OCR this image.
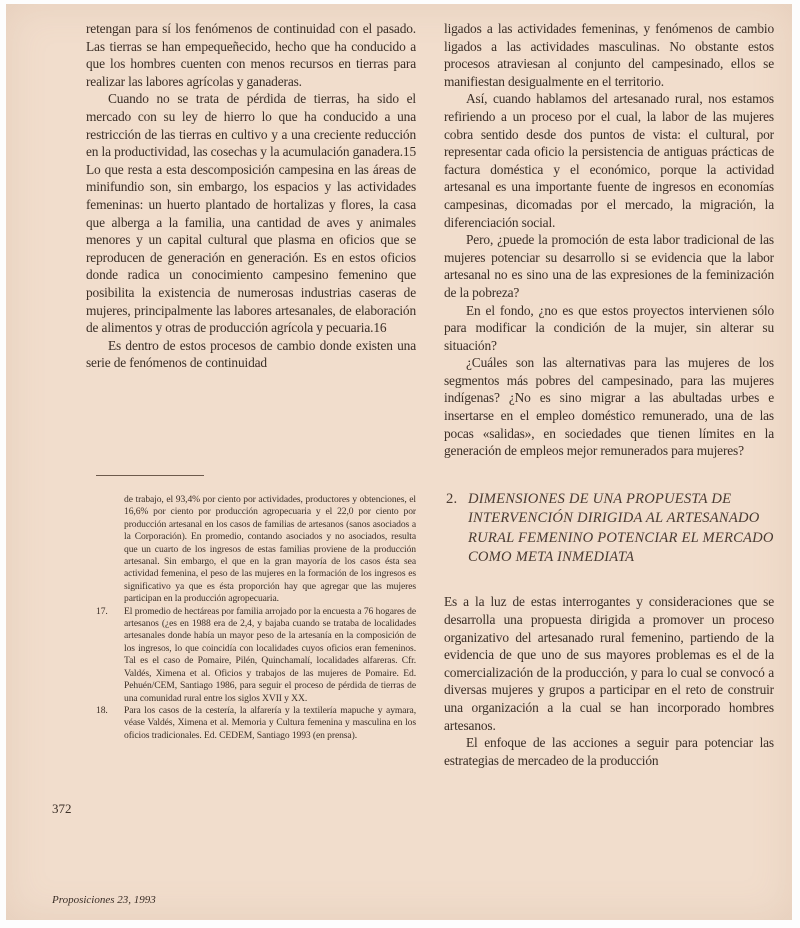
retengan para sí los fenómenos de continuidad con el pasado. Las tierras se han empequeñecido, hecho que ha conducido a que los hombres cuenten con menos recursos en tierras para realizar las labores agrícolas y ganaderas.

Cuando no se trata de pérdida de tierras, ha sido el mercado con su ley de hierro lo que ha conducido a una restricción de las tierras en cultivo y a una creciente reducción en la productividad, las cosechas y la acumulación ganadera.15 Lo que resta a esta descomposición campesina en las áreas de minifundio son, sin embargo, los espacios y las actividades femeninas: un huerto plantado de hortalizas y flores, la casa que alberga a la familia, una cantidad de aves y animales menores y un capital cultural que plasma en oficios que se reproducen de generación en generación. Es en estos oficios donde radica un conocimiento campesino femenino que posibilita la existencia de numerosas industrias caseras de mujeres, principalmente las labores artesanales, de elaboración de alimentos y otras de producción agrícola y pecuaria.16

Es dentro de estos procesos de cambio donde existen una serie de fenómenos de continuidad

de trabajo, el 93,4% por ciento por actividades, productores y obtenciones, el 16,6% por ciento por producción agropecuaria y el 22,0 por ciento por producción artesanal en los casos de familias de artesanos (sanos asociados a la Corporación). En promedio, contando asociados y no asociados, resulta que un cuarto de los ingresos de estas familias proviene de la producción artesanal. Sin embargo, el que en la gran mayoría de los casos ésta sea actividad femenina, el peso de las mujeres en la formación de los ingresos es significativo ya que es ésta proporción hay que agregar que las mujeres participan en la producción agropecuaria.

17. El promedio de hectáreas por familia arrojado por la encuesta a 76 hogares de artesanos (¿es en 1988 era de 2,4, y bajaba cuando se trataba de localidades artesanales donde había un mayor peso de la artesanía en la composición de los ingresos, lo que coincidía con localidades cuyos oficios eran femeninos. Tal es el caso de Pomaire, Pilén, Quinchamalí, localidades alfareras. Cfr. Valdés, Ximena et al. Oficios y trabajos de las mujeres de Pomaire. Ed. Pehuén/CEM, Santiago 1986, para seguir el proceso de pérdida de tierras de una comunidad rural entre los siglos XVII y XX.
18. Para los casos de la cestería, la alfarería y la textilería mapuche y aymara, véase Valdés, Ximena et al. Memoria y Cultura femenina y masculina en los oficios tradicionales. Ed. CEDEM, Santiago 1993 (en prensa).

ligados a las actividades femeninas, y fenómenos de cambio ligados a las actividades masculinas. No obstante estos procesos atraviesan al conjunto del campesinado, ellos se manifiestan desigualmente en el territorio.

Así, cuando hablamos del artesanado rural, nos estamos refiriendo a un proceso por el cual, la labor de las mujeres cobra sentido desde dos puntos de vista: el cultural, por representar cada oficio la persistencia de antiguas prácticas de factura doméstica y el económico, porque la actividad artesanal es una importante fuente de ingresos en economías campesinas, dicomadas por el mercado, la migración, la diferenciación social.

Pero, ¿puede la promoción de esta labor tradicional de las mujeres potenciar su desarrollo si se evidencia que la labor artesanal no es sino una de las expresiones de la feminización de la pobreza?

En el fondo, ¿no es que estos proyectos intervienen sólo para modificar la condición de la mujer, sin alterar su situación?

¿Cuáles son las alternativas para las mujeres de los segmentos más pobres del campesinado, para las mujeres indígenas? ¿No es sino migrar a las abultadas urbes e insertarse en el empleo doméstico remunerado, una de las pocas «salidas», en sociedades que tienen límites en la generación de empleos mejor remunerados para mujeres?

2. DIMENSIONES DE UNA PROPUESTA DE INTERVENCIÓN DIRIGIDA AL ARTESANADO RURAL FEMENINO POTENCIAR EL MERCADO COMO META INMEDIATA

Es a la luz de estas interrogantes y consideraciones que se desarrolla una propuesta dirigida a promover un proceso organizativo del artesanado rural femenino, partiendo de la evidencia de que uno de sus mayores problemas es el de la comercialización de la producción, y para lo cual se convocó a diversas mujeres y grupos a participar en el reto de construir una organización a la cual se han incorporado hombres artesanos.

El enfoque de las acciones a seguir para potenciar las estrategias de mercadeo de la producción

372
Proposiciones 23, 1993
